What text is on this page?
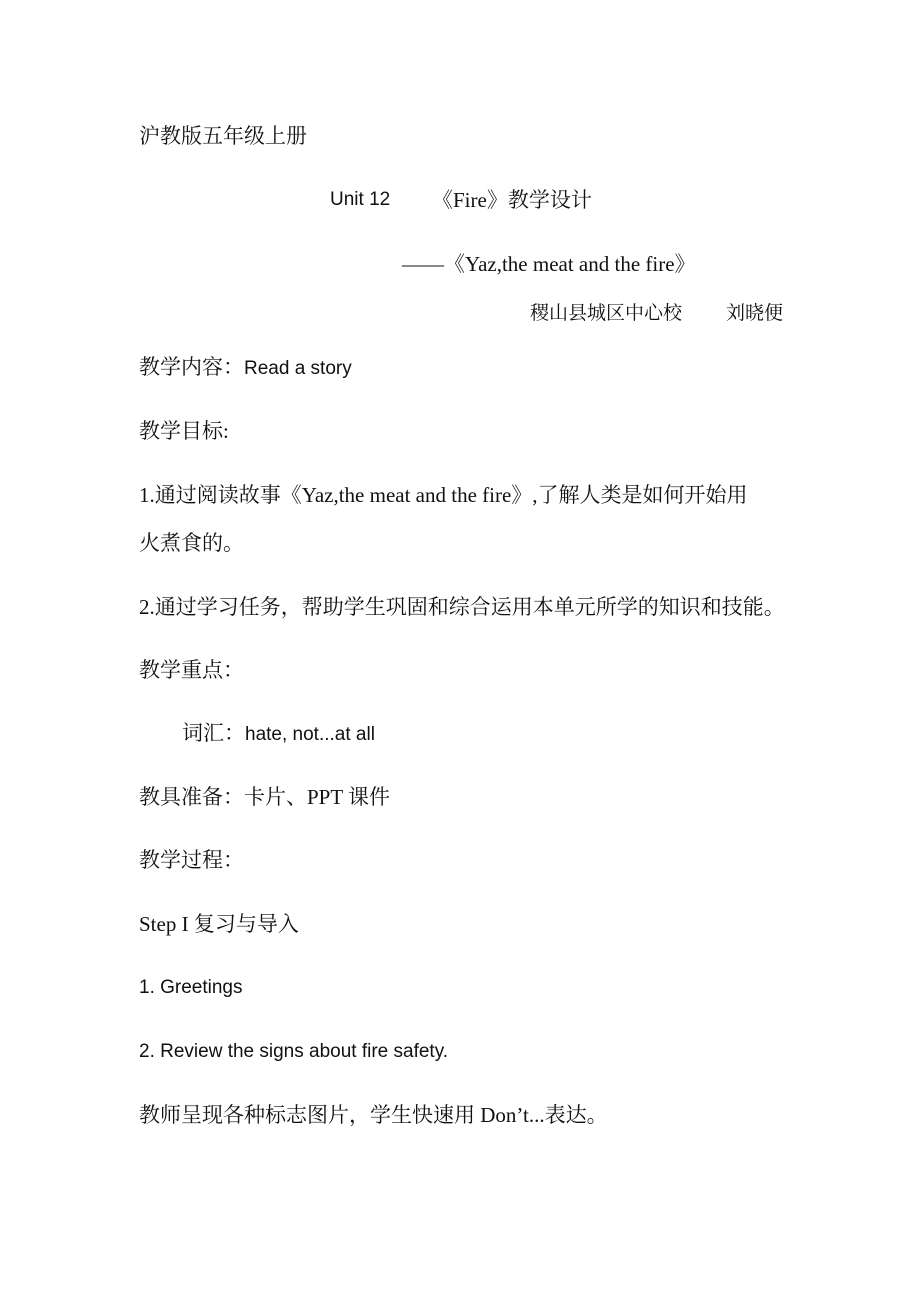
沪教版五年级上册
Unit 12 《Fire》教学设计
——《Yaz,the meat and the fire》
稷山县城区中心校 刘晓便
教学内容：Read a story
教学目标:
1.通过阅读故事《Yaz,the meat and the fire》,了解人类是如何开始用
火煮食的。
2.通过学习任务，帮助学生巩固和综合运用本单元所学的知识和技能。
教学重点：
词汇：hate, not...at all
教具准备：卡片、PPT 课件
教学过程：
Step I 复习与导入
1. Greetings
2. Review the signs about fire safety.
教师呈现各种标志图片，学生快速用 Don’t...表达。
